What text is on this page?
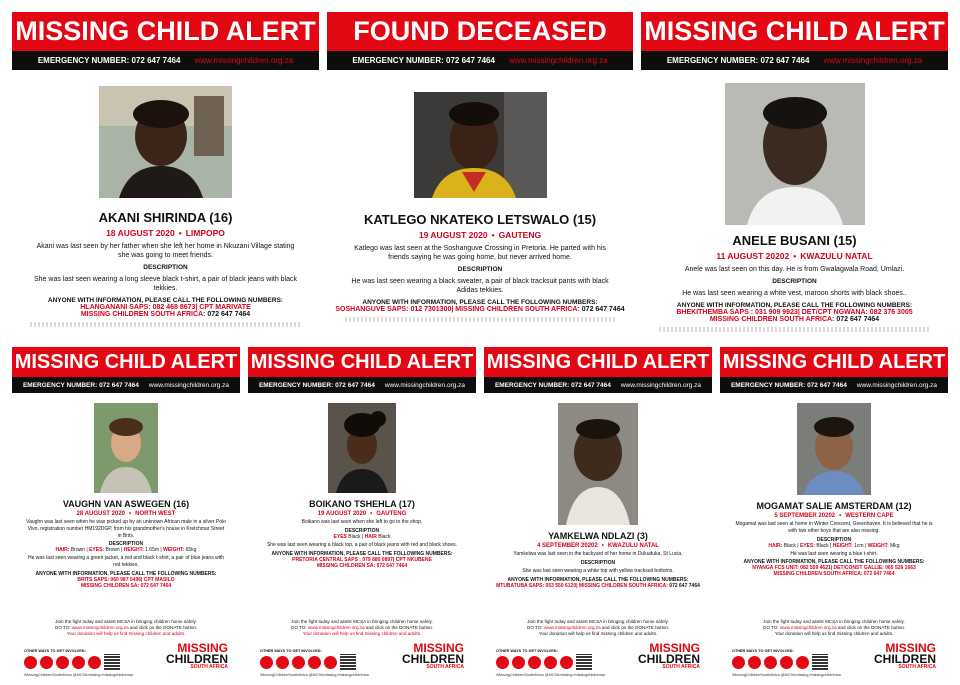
MISSING CHILD ALERT
EMERGENCY NUMBER: 072 647 7464 www.missingchildren.org.za
AKANI SHIRINDA (16)
18 AUGUST 2020 • LIMPOPO
Akani was last seen by her father when she left her home in Nkuzani Village stating she was going to meet friends.
DESCRIPTION
She was last seen wearing a long sleeve black t-shirt, a pair of black jeans with black tekkies.
ANYONE WITH INFORMATION, PLEASE CALL THE FOLLOWING NUMBERS:
HLANGANANI SAPS: 082 468 8673| CPT MARIVATE
MISSING CHILDREN SOUTH AFRICA: 072 647 7464
FOUND DECEASED
EMERGENCY NUMBER: 072 647 7464 www.missingchildren.org.za
KATLEGO NKATEKO LETSWALO (15)
19 AUGUST 2020 • GAUTENG
Katlego was last seen at the Soshanguve Crossing in Pretoria. He parted with his friends saying he was going home, but never arrived home.
DESCRIPTION
He was last seen wearing a black sweater, a pair of black tracksuit pants with black Adidas tekkies.
ANYONE WITH INFORMATION, PLEASE CALL THE FOLLOWING NUMBERS:
SOSHANGUVE SAPS: 012 7301300| MISSING CHILDREN SOUTH AFRICA: 072 647 7464
MISSING CHILD ALERT
EMERGENCY NUMBER: 072 647 7464 www.missingchildren.org.za
ANELE BUSANI (15)
11 AUGUST 20202 • KWAZULU NATAL
Anele was last seen on this day. He is from Gwalagwala Road, Umlazi.
DESCRIPTION
He was last seen wearing a white vest, maroon shorts with black shoes..
ANYONE WITH INFORMATION, PLEASE CALL THE FOLLOWING NUMBERS:
BHEKITHEMBA SAPS : 031 909 9923| DET/CPT NGWANA: 082 376 3005
MISSING CHILDREN SOUTH AFRICA: 072 647 7464
MISSING CHILD ALERT
EMERGENCY NUMBER: 072 647 7464 www.missingchildren.org.za
VAUGHN VAN ASWEGEN (16)
28 AUGUST 2020 • NORTH WEST
Vaughn was last seen when he was picked up by an unknown African male in a silver Polo Vivo, registration number HM192DGP, from his grandmother's house in Kretchmar Street in Brits.
DESCRIPTION
HAIR: Brown | EYES: Brown | HEIGHT: 1.65m | WEIGHT: 65kg
He was last seen wearing a green jacket, a red and black t-shirt, a pair of blue jeans with red tekkies.
ANYONE WITH INFORMATION, PLEASE CALL THE FOLLOWING NUMBERS:
BRITS SAPS: 060 987 5496| CPT MASILO
MISSING CHILDREN SA: 072 647 7464
Join the fight today and assist MCSA in bringing children home safely.
GO TO: www.missingchildren.org.za and click on the DONATE button.
Your donation will help us find missing children and adults.
OTHER WAYS TO GET INVOLVED:	MISSING
CHILDREN
SOUTH AFRICA
/MissingChildrenSouthAfrica @MCSAmissing /missingchildrensa
MISSING CHILD ALERT
EMERGENCY NUMBER: 072 647 7464 www.missingchildren.org.za
BOIKANO TSHEHLA (17)
19 AUGUST 2020 • GAUTENG
Boikano was last seen when she left to go to the shop.
DESCRIPTION
EYES Black | HAIR Black
She was last seen wearing a black top, a pair of black jeans with red and black shoes.
ANYONE WITH INFORMATION, PLEASE CALL THE FOLLOWING NUMBERS:
PRETORIA CENTRAL SAPS : 079 880 0897| CPT NKUBENE
MISSING CHILDREN SA: 072 647 7464
Join the fight today and assist MCSA in bringing children home safely.
GO TO: www.missingchildren.org.za and click on the DONATE button.
Your donation will help us find missing children and adults.
OTHER WAYS TO GET INVOLVED:	MISSING
CHILDREN
SOUTH AFRICA
/MissingChildrenSouthAfrica @MCSAmissing /missingchildrensa
MISSING CHILD ALERT
EMERGENCY NUMBER: 072 647 7464 www.missingchildren.org.za
YAMKELWA NDLAZI (3)
4 SEPTEMBER 20202 • KWAZULU NATAL
Yamkelwa was last seen in the backyard of her home in Dukuduka, St Lucia.
DESCRIPTION
She was last seen wearing a white top with yellow tracksuit bottoms.
ANYONE WITH INFORMATION, PLEASE CALL THE FOLLOWING NUMBERS:
MTUBATUBA SAPS: 053 550 6120| MISSING CHILDREN SOUTH AFRICA: 072 647 7464
Join the fight today and assist MCSA in bringing children home safely.
GO TO: www.missingchildren.org.za and click on the DONATE button.
Your donation will help us find missing children and adults.
OTHER WAYS TO GET INVOLVED:	MISSING
CHILDREN
SOUTH AFRICA
/MissingChildrenSouthAfrica @MCSAmissing /missingchildrensa
MISSING CHILD ALERT
EMERGENCY NUMBER: 072 647 7464 www.missingchildren.org.za
MOGAMAT SALIE AMSTERDAM (12)
5 SEPTEMBER 20202 • WESTERN CAPE
Mogamat was last seen at home in Winter Crescent, Greenhaven. It is believed that he is with two other boys that are also missing.
DESCRIPTION
HAIR: Black | EYES: Black | HEIGHT: 1cm | WEIGHT: Mkg
He was last seen wearing a blue t-shirt.
ANYONE WITH INFORMATION, PLEASE CALL THE FOLLOWING NUMBERS:
NYANGA FCS UNIT: 082 559 4621| DET/CONST GALLIE: 065 526 1663
MISSING CHILDREN SOUTH AFRICA: 072 647 7464
Join the fight today and assist MCSA in bringing children home safely.
GO TO: www.missingchildren.org.za and click on the DONATE button.
Your donation will help us find missing children and adults.
OTHER WAYS TO GET INVOLVED:	MISSING
CHILDREN
SOUTH AFRICA
/MissingChildrenSouthAfrica @MCSAmissing /missingchildrensa
